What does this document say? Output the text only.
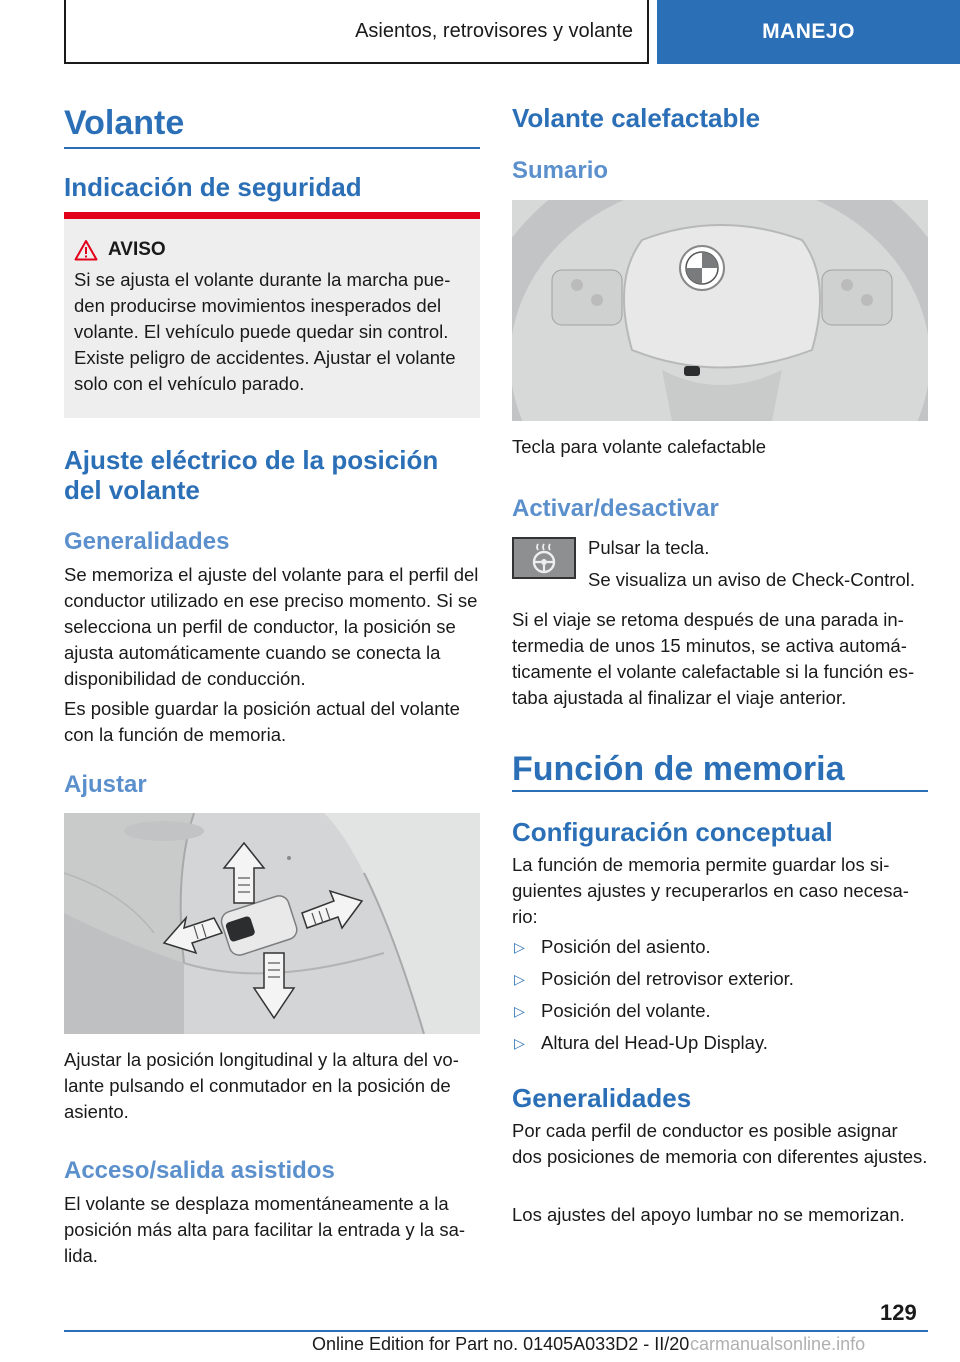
Asientos, retrovisores y volante	MANEJO
Volante
Indicación de seguridad
AVISO
Si se ajusta el volante durante la marcha pueden producirse movimientos inesperados del volante. El vehículo puede quedar sin control. Existe peligro de accidentes. Ajustar el volante solo con el vehículo parado.
Ajuste eléctrico de la posición del volante
Generalidades
Se memoriza el ajuste del volante para el perfil del conductor utilizado en ese preciso momento. Si se selecciona un perfil de conductor, la posición se ajusta automáticamente cuando se conecta la disponibilidad de conducción.
Es posible guardar la posición actual del volante con la función de memoria.
Ajustar
Ajustar la posición longitudinal y la altura del volante pulsando el conmutador en la posición de asiento.
Acceso/salida asistidos
El volante se desplaza momentáneamente a la posición más alta para facilitar la entrada y la salida.
Volante calefactable
Sumario
Tecla para volante calefactable
Activar/desactivar
Pulsar la tecla.
Se visualiza un aviso de Check-Control.
Si el viaje se retoma después de una parada intermedia de unos 15 minutos, se activa automáticamente el volante calefactable si la función estaba ajustada al finalizar el viaje anterior.
Función de memoria
Configuración conceptual
La función de memoria permite guardar los siguientes ajustes y recuperarlos en caso necesario:
▷ Posición del asiento.
▷ Posición del retrovisor exterior.
▷ Posición del volante.
▷ Altura del Head-Up Display.
Generalidades
Por cada perfil de conductor es posible asignar dos posiciones de memoria con diferentes ajustes.
Los ajustes del apoyo lumbar no se memorizan.
129
Online Edition for Part no. 01405A033D2 - II/20 carmanualsonline.info
